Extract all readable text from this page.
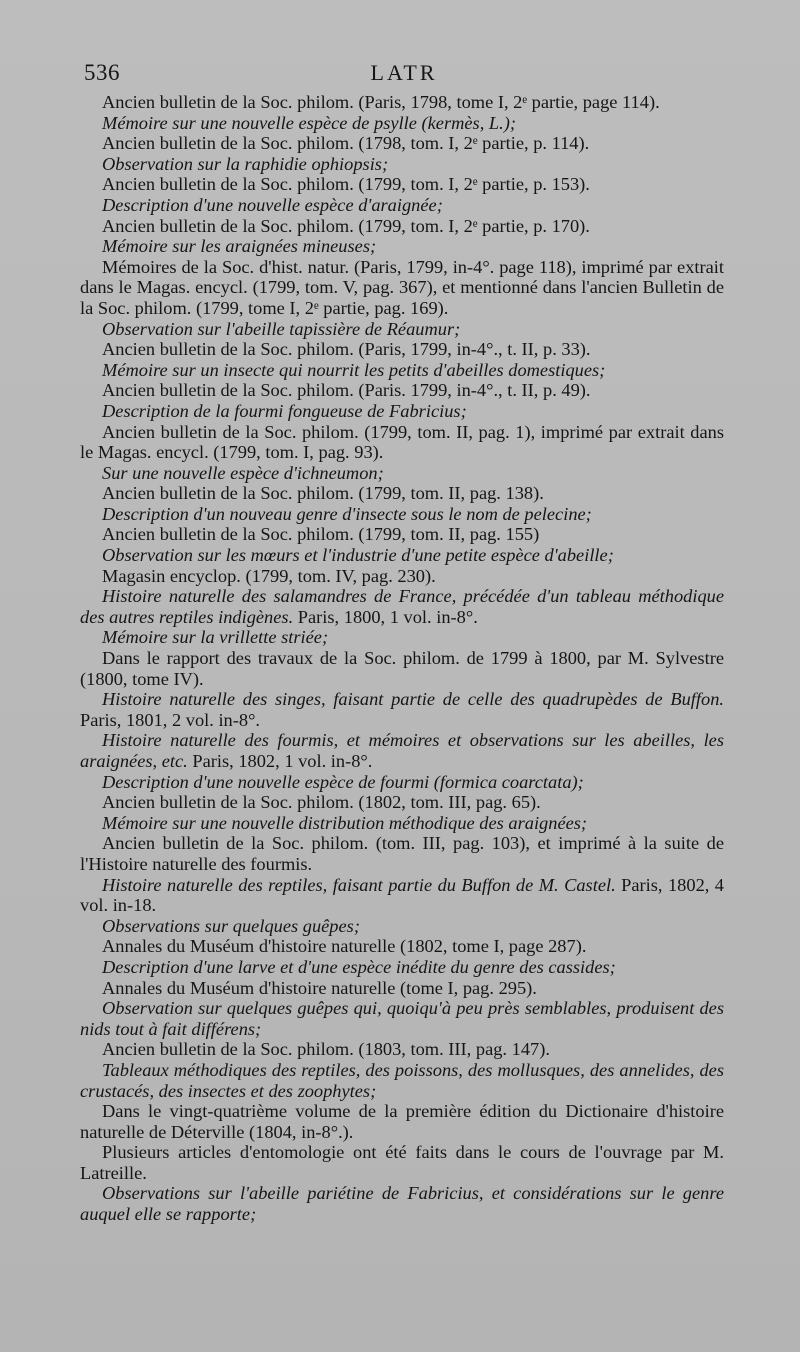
536	LATR

Ancien bulletin de la Soc. philom. (Paris, 1798, tome I, 2ᵉ partie, page 114).

Mémoire sur une nouvelle espèce de psylle (kermès, L.);

Ancien bulletin de la Soc. philom. (1798, tom. I, 2ᵉ partie, p. 114).

Observation sur la raphidie ophiopsis;

Ancien bulletin de la Soc. philom. (1799, tom. I, 2ᵉ partie, p. 153).

Description d'une nouvelle espèce d'araignée;

Ancien bulletin de la Soc. philom. (1799, tom. I, 2ᵉ partie, p. 170).

Mémoire sur les araignées mineuses;

Mémoires de la Soc. d'hist. natur. (Paris, 1799, in-4°. page 118), imprimé par extrait dans le Magas. encycl. (1799, tom. V, pag. 367), et mentionné dans l'ancien Bulletin de la Soc. philom. (1799, tome I, 2ᵉ partie, pag. 169).

Observation sur l'abeille tapissière de Réaumur;

Ancien bulletin de la Soc. philom. (Paris, 1799, in-4°., t. II, p. 33).

Mémoire sur un insecte qui nourrit les petits d'abeilles domestiques;

Ancien bulletin de la Soc. philom. (Paris. 1799, in-4°., t. II, p. 49).

Description de la fourmi fongueuse de Fabricius;

Ancien bulletin de la Soc. philom. (1799, tom. II, pag. 1), imprimé par extrait dans le Magas. encycl. (1799, tom. I, pag. 93).

Sur une nouvelle espèce d'ichneumon;

Ancien bulletin de la Soc. philom. (1799, tom. II, pag. 138).

Description d'un nouveau genre d'insecte sous le nom de pelecine;

Ancien bulletin de la Soc. philom. (1799, tom. II, pag. 155)

Observation sur les mœurs et l'industrie d'une petite espèce d'abeille;

Magasin encyclop. (1799, tom. IV, pag. 230).

Histoire naturelle des salamandres de France, précédée d'un tableau méthodique des autres reptiles indigènes. Paris, 1800, 1 vol. in-8°.

Mémoire sur la vrillette striée;

Dans le rapport des travaux de la Soc. philom. de 1799 à 1800, par M. Sylvestre (1800, tome IV).

Histoire naturelle des singes, faisant partie de celle des quadrupèdes de Buffon. Paris, 1801, 2 vol. in-8°.

Histoire naturelle des fourmis, et mémoires et observations sur les abeilles, les araignées, etc. Paris, 1802, 1 vol. in-8°.

Description d'une nouvelle espèce de fourmi (formica coarctata);

Ancien bulletin de la Soc. philom. (1802, tom. III, pag. 65).

Mémoire sur une nouvelle distribution méthodique des araignées;

Ancien bulletin de la Soc. philom. (tom. III, pag. 103), et imprimé à la suite de l'Histoire naturelle des fourmis.

Histoire naturelle des reptiles, faisant partie du Buffon de M. Castel. Paris, 1802, 4 vol. in-18.

Observations sur quelques guêpes;

Annales du Muséum d'histoire naturelle (1802, tome I, page 287).

Description d'une larve et d'une espèce inédite du genre des cassides;

Annales du Muséum d'histoire naturelle (tome I, pag. 295).

Observation sur quelques guêpes qui, quoiqu'à peu près semblables, produisent des nids tout à fait différens;

Ancien bulletin de la Soc. philom. (1803, tom. III, pag. 147).

Tableaux méthodiques des reptiles, des poissons, des mollusques, des annelides, des crustacés, des insectes et des zoophytes;

Dans le vingt-quatrième volume de la première édition du Dictionaire d'histoire naturelle de Déterville (1804, in-8°.).

Plusieurs articles d'entomologie ont été faits dans le cours de l'ouvrage par M. Latreille.

Observations sur l'abeille pariétine de Fabricius, et considérations sur le genre auquel elle se rapporte;
